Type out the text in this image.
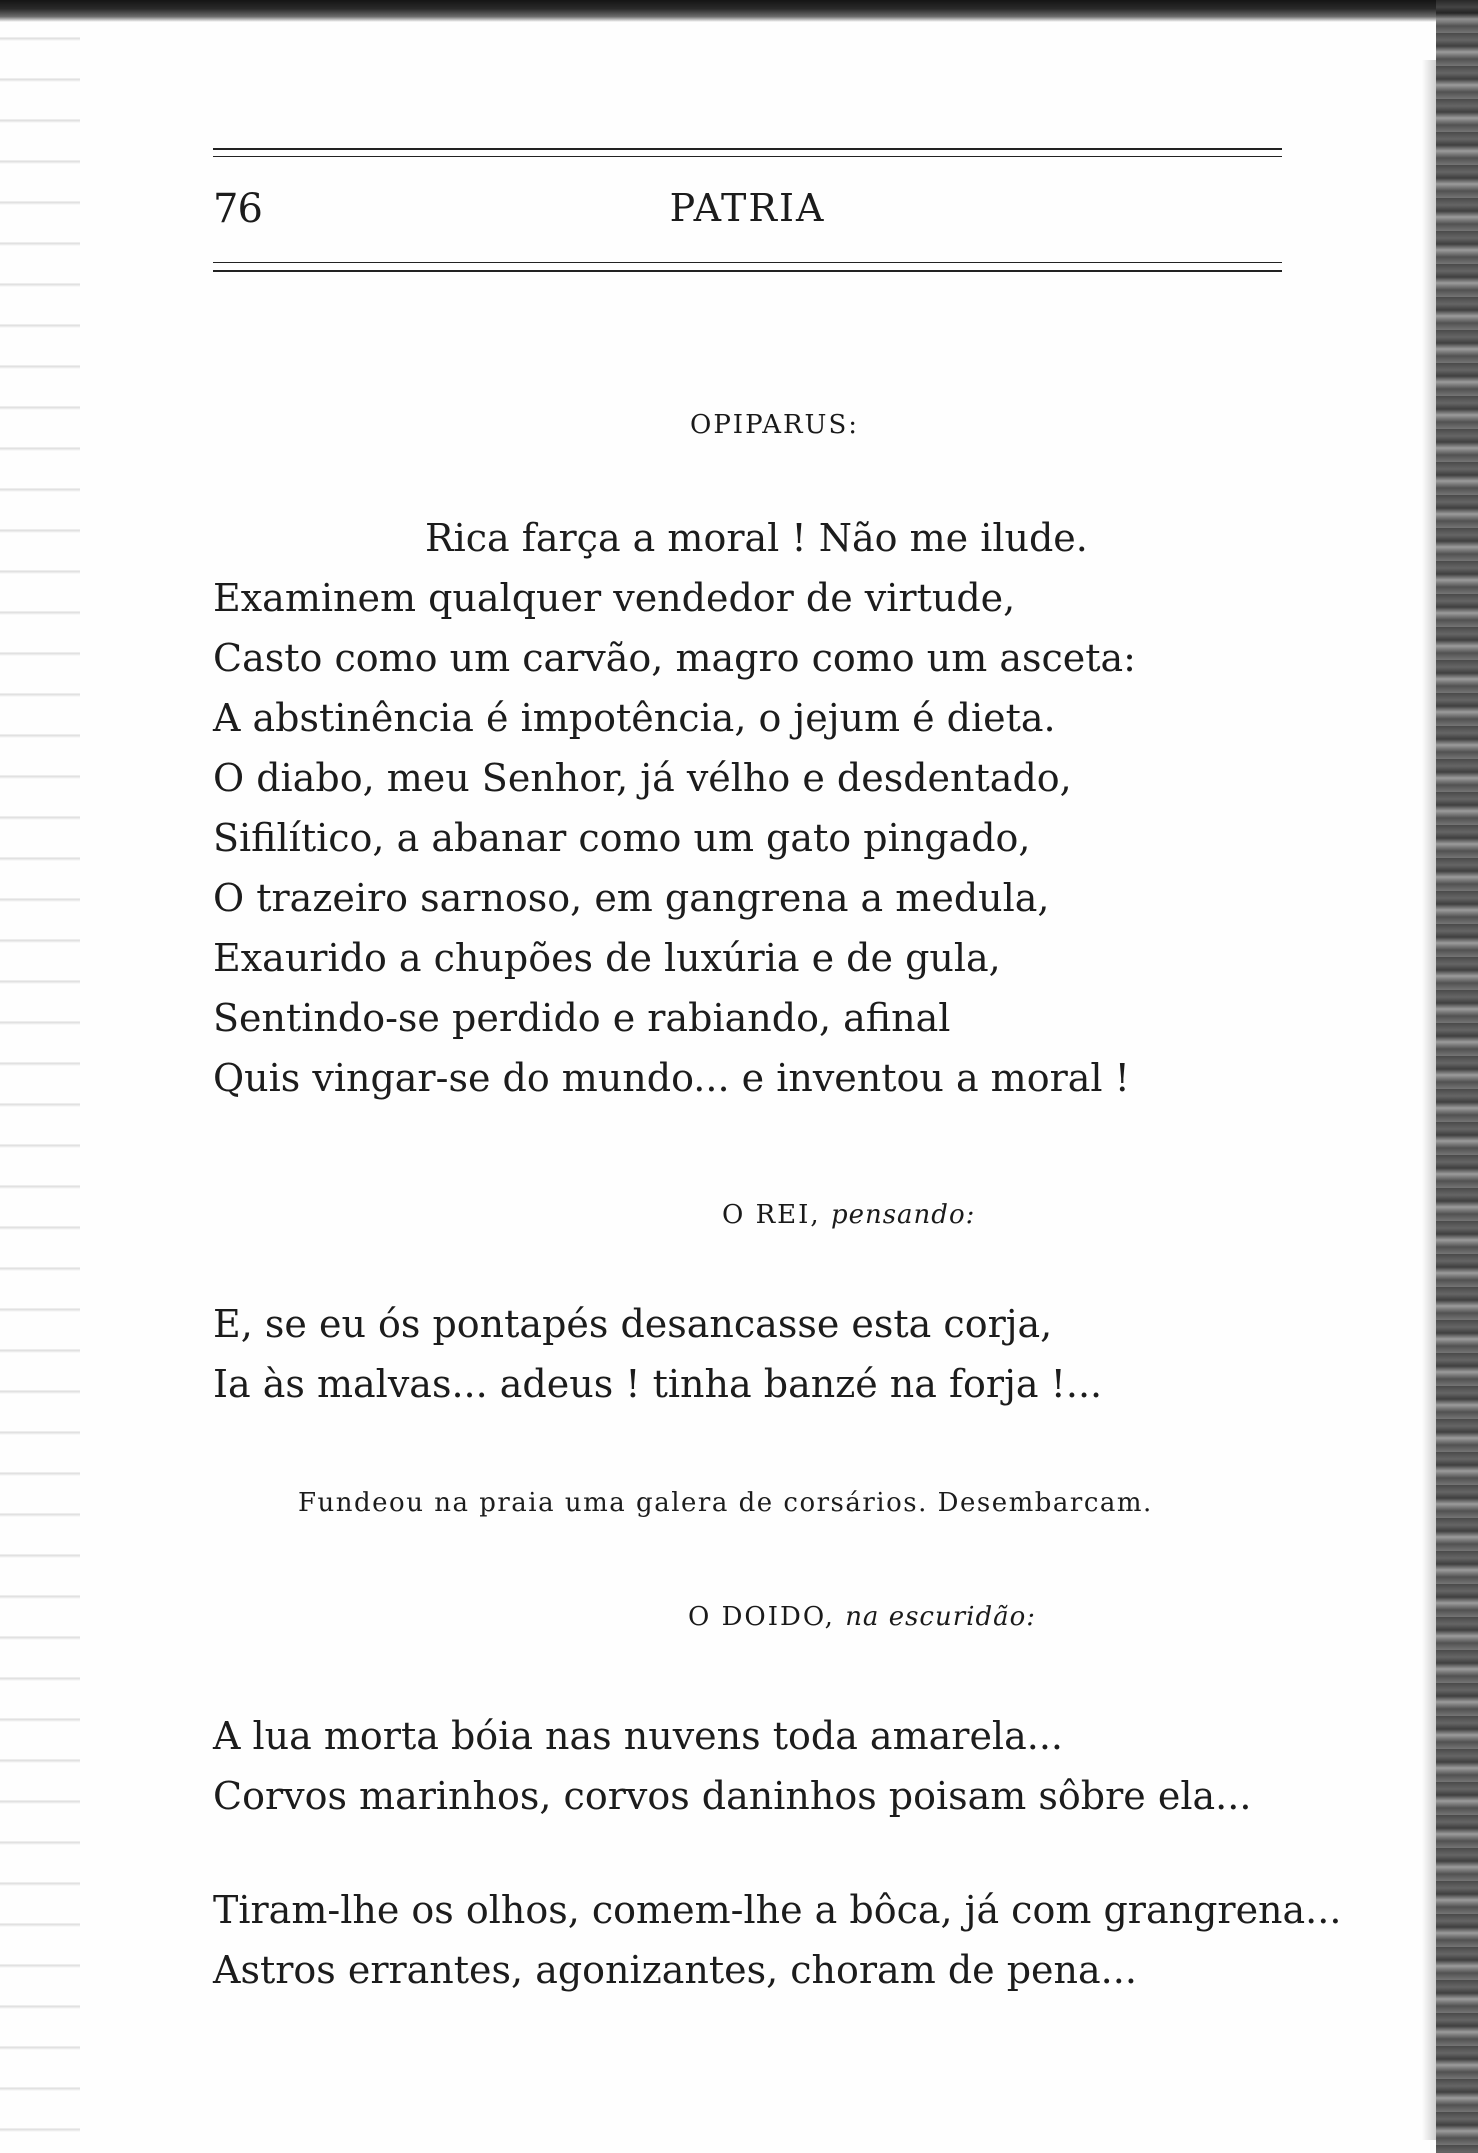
76	PATRIA
OPIPARUS:
Rica farça a moral ! Não me ilude.
Examinem qualquer vendedor de virtude,
Casto como um carvão, magro como um asceta:
A abstinência é impotência, o jejum é dieta.
O diabo, meu Senhor, já vélho e desdentado,
Sifilítico, a abanar como um gato pingado,
O trazeiro sarnoso, em gangrena a medula,
Exaurido a chupões de luxúria e de gula,
Sentindo-se perdido e rabiando, afinal
Quis vingar-se do mundo... e inventou a moral !
O REI, pensando:
E, se eu ós pontapés desancasse esta corja,
Ia às malvas... adeus ! tinha banzé na forja !...
Fundeou na praia uma galera de corsários. Desembarcam.
O DOIDO, na escuridão:
A lua morta bóia nas nuvens toda amarela...
Corvos marinhos, corvos daninhos poisam sôbre ela...
Tiram-lhe os olhos, comem-lhe a bôca, já com grangrena...
Astros errantes, agonizantes, choram de pena...
